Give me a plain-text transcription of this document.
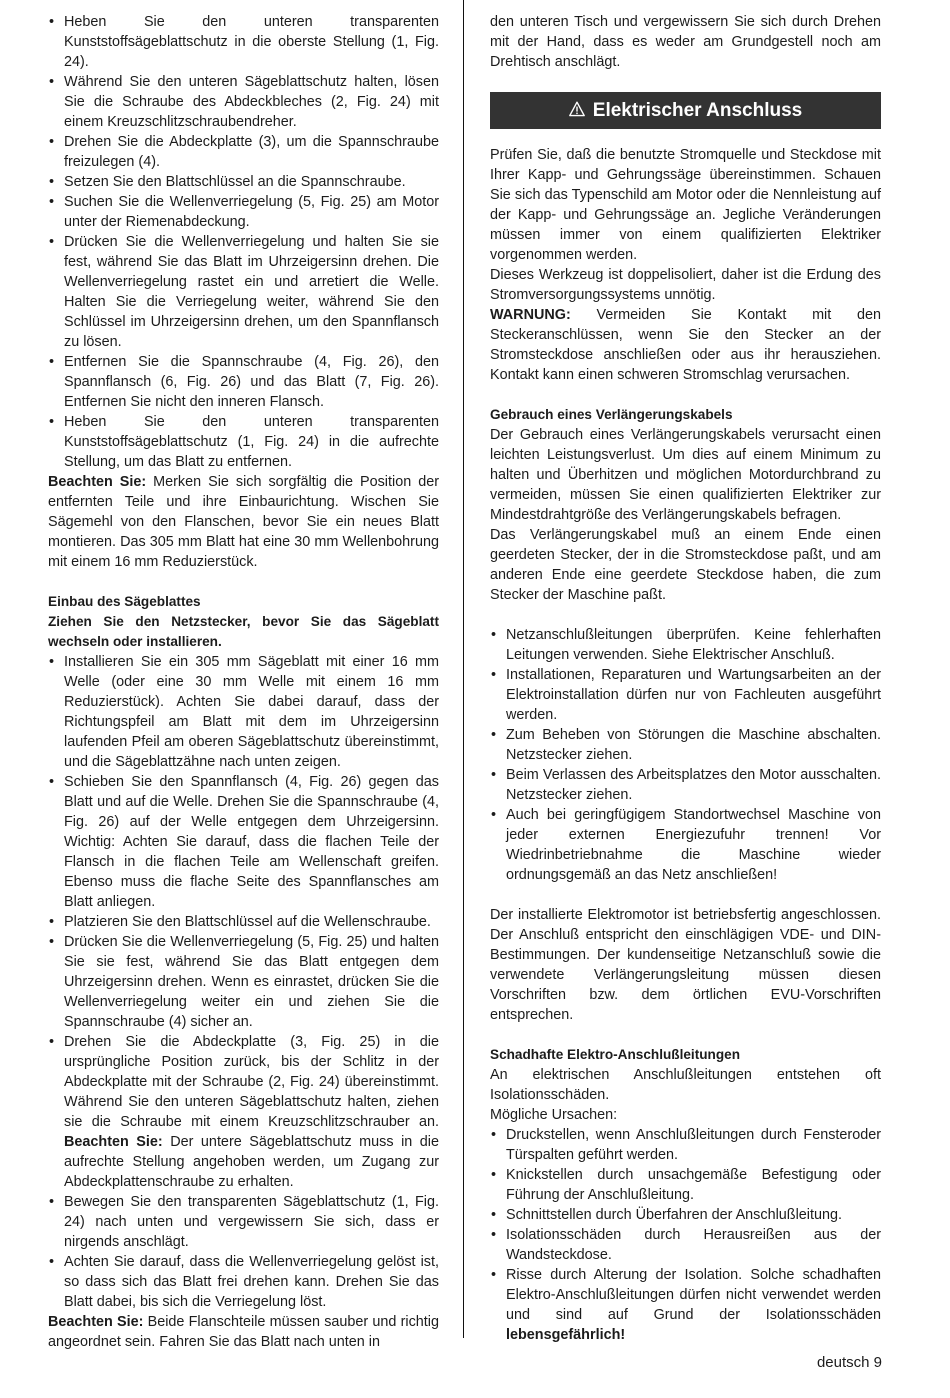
• Heben Sie den unteren transparenten Kunststoffsägeblattschutz in die oberste Stellung (1, Fig. 24).
• Während Sie den unteren Sägeblattschutz halten, lösen Sie die Schraube des Abdeckbleches (2, Fig. 24) mit einem Kreuzschlitzschraubendreher.
• Drehen Sie die Abdeckplatte (3), um die Spannschraube freizulegen (4).
• Setzen Sie den Blattschlüssel an die Spannschraube.
• Suchen Sie die Wellenverriegelung (5, Fig. 25) am Motor unter der Riemenabdeckung.
• Drücken Sie die Wellenverriegelung und halten Sie sie fest, während Sie das Blatt im Uhrzeigersinn drehen. Die Wellenverriegelung rastet ein und arretiert die Welle. Halten Sie die Verriegelung weiter, während Sie den Schlüssel im Uhrzeigersinn drehen, um den Spannflansch zu lösen.
• Entfernen Sie die Spannschraube (4, Fig. 26), den Spannflansch (6, Fig. 26) und das Blatt (7, Fig. 26). Entfernen Sie nicht den inneren Flansch.
• Heben Sie den unteren transparenten Kunststoffsägeblattschutz (1, Fig. 24) in die aufrechte Stellung, um das Blatt zu entfernen.

Beachten Sie: Merken Sie sich sorgfältig die Position der entfernten Teile und ihre Einbaurichtung. Wischen Sie Sägemehl von den Flanschen, bevor Sie ein neues Blatt montieren. Das 305 mm Blatt hat eine 30 mm Wellenbohrung mit einem 16 mm Reduzierstück.

Einbau des Sägeblattes

Ziehen Sie den Netzstecker, bevor Sie das Sägeblatt wechseln oder installieren.

• Installieren Sie ein 305 mm Sägeblatt mit einer 16 mm Welle (oder eine 30 mm Welle mit einem 16 mm Reduzierstück). Achten Sie dabei darauf, dass der Richtungspfeil am Blatt mit dem im Uhrzeigersinn laufenden Pfeil am oberen Sägeblattschutz übereinstimmt, und die Sägeblattzähne nach unten zeigen.
• Schieben Sie den Spannflansch (4, Fig. 26) gegen das Blatt und auf die Welle. Drehen Sie die Spannschraube (4, Fig. 26) auf der Welle entgegen dem Uhrzeigersinn. Wichtig: Achten Sie darauf, dass die flachen Teile der Flansch in die flachen Teile am Wellenschaft greifen. Ebenso muss die flache Seite des Spannflansches am Blatt anliegen.
• Platzieren Sie den Blattschlüssel auf die Wellenschraube.
• Drücken Sie die Wellenverriegelung (5, Fig. 25) und halten Sie sie fest, während Sie das Blatt entgegen dem Uhrzeigersinn drehen. Wenn es einrastet, drücken Sie die Wellenverriegelung weiter ein und ziehen Sie die Spannschraube (4) sicher an.
• Drehen Sie die Abdeckplatte (3, Fig. 25) in die ursprüngliche Position zurück, bis der Schlitz in der Abdeckplatte mit der Schraube (2, Fig. 24) übereinstimmt. Während Sie den unteren Sägeblattschutz halten, ziehen sie die Schraube mit einem Kreuzschlitzschrauber an. Beachten Sie: Der untere Sägeblattschutz muss in die aufrechte Stellung angehoben werden, um Zugang zur Abdeckplattenschraube zu erhalten.
• Bewegen Sie den transparenten Sägeblattschutz (1, Fig. 24) nach unten und vergewissern Sie sich, dass er nirgends anschlägt.
• Achten Sie darauf, dass die Wellenverriegelung gelöst ist, so dass sich das Blatt frei drehen kann. Drehen Sie das Blatt dabei, bis sich die Verriegelung löst.

Beachten Sie: Beide Flanschteile müssen sauber und richtig angeordnet sein. Fahren Sie das Blatt nach unten in

den unteren Tisch und vergewissern Sie sich durch Drehen mit der Hand, dass es weder am Grundgestell noch am Drehtisch anschlägt.

Elektrischer Anschluss

Prüfen Sie, daß die benutzte Stromquelle und Steckdose mit Ihrer Kapp- und Gehrungssäge übereinstimmen. Schauen Sie sich das Typenschild am Motor oder die Nennleistung auf der Kapp- und Gehrungssäge an. Jegliche Veränderungen müssen immer von einem qualifizierten Elektriker vorgenommen werden.

Dieses Werkzeug ist doppelisoliert, daher ist die Erdung des Stromversorgungssystems unnötig.

WARNUNG: Vermeiden Sie Kontakt mit den Steckeranschlüssen, wenn Sie den Stecker an der Stromsteckdose anschließen oder aus ihr herausziehen. Kontakt kann einen schweren Stromschlag verursachen.

Gebrauch eines Verlängerungskabels

Der Gebrauch eines Verlängerungskabels verursacht einen leichten Leistungsverlust. Um dies auf einem Minimum zu halten und Überhitzen und möglichen Motordurchbrand zu vermeiden, müssen Sie einen qualifizierten Elektriker zur Mindestdrahtgröße des Verlängerungskabels befragen.

Das Verlängerungskabel muß an einem Ende einen geerdeten Stecker, der in die Stromsteckdose paßt, und am anderen Ende eine geerdete Steckdose haben, die zum Stecker der Maschine paßt.

• Netzanschlußleitungen überprüfen. Keine fehlerhaften Leitungen verwenden. Siehe Elektrischer Anschluß.
• Installationen, Reparaturen und Wartungsarbeiten an der Elektroinstallation dürfen nur von Fachleuten ausgeführt werden.
• Zum Beheben von Störungen die Maschine abschalten. Netzstecker ziehen.
• Beim Verlassen des Arbeitsplatzes den Motor ausschalten. Netzstecker ziehen.
• Auch bei geringfügigem Standortwechsel Maschine von jeder externen Energiezufuhr trennen! Vor Wiedrinbetriebnahme die Maschine wieder ordnungsgemäß an das Netz anschließen!

Der installierte Elektromotor ist betriebsfertig angeschlossen. Der Anschluß entspricht den einschlägigen VDE- und DIN-Bestimmungen. Der kundenseitige Netzanschluß sowie die verwendete Verlängerungsleitung müssen diesen Vorschriften bzw. dem örtlichen EVU-Vorschriften entsprechen.

Schadhafte Elektro-Anschlußleitungen

An elektrischen Anschlußleitungen entstehen oft Isolationsschäden.

Mögliche Ursachen:

• Druckstellen, wenn Anschlußleitungen durch Fensteroder Türspalten geführt werden.
• Knickstellen durch unsachgemäße Befestigung oder Führung der Anschlußleitung.
• Schnittstellen durch Überfahren der Anschlußleitung.
• Isolationsschäden durch Herausreißen aus der Wandsteckdose.
• Risse durch Alterung der Isolation. Solche schadhaften Elektro-Anschlußleitungen dürfen nicht verwendet werden und sind auf Grund der Isolationsschäden lebensgefährlich!
deutsch 9
